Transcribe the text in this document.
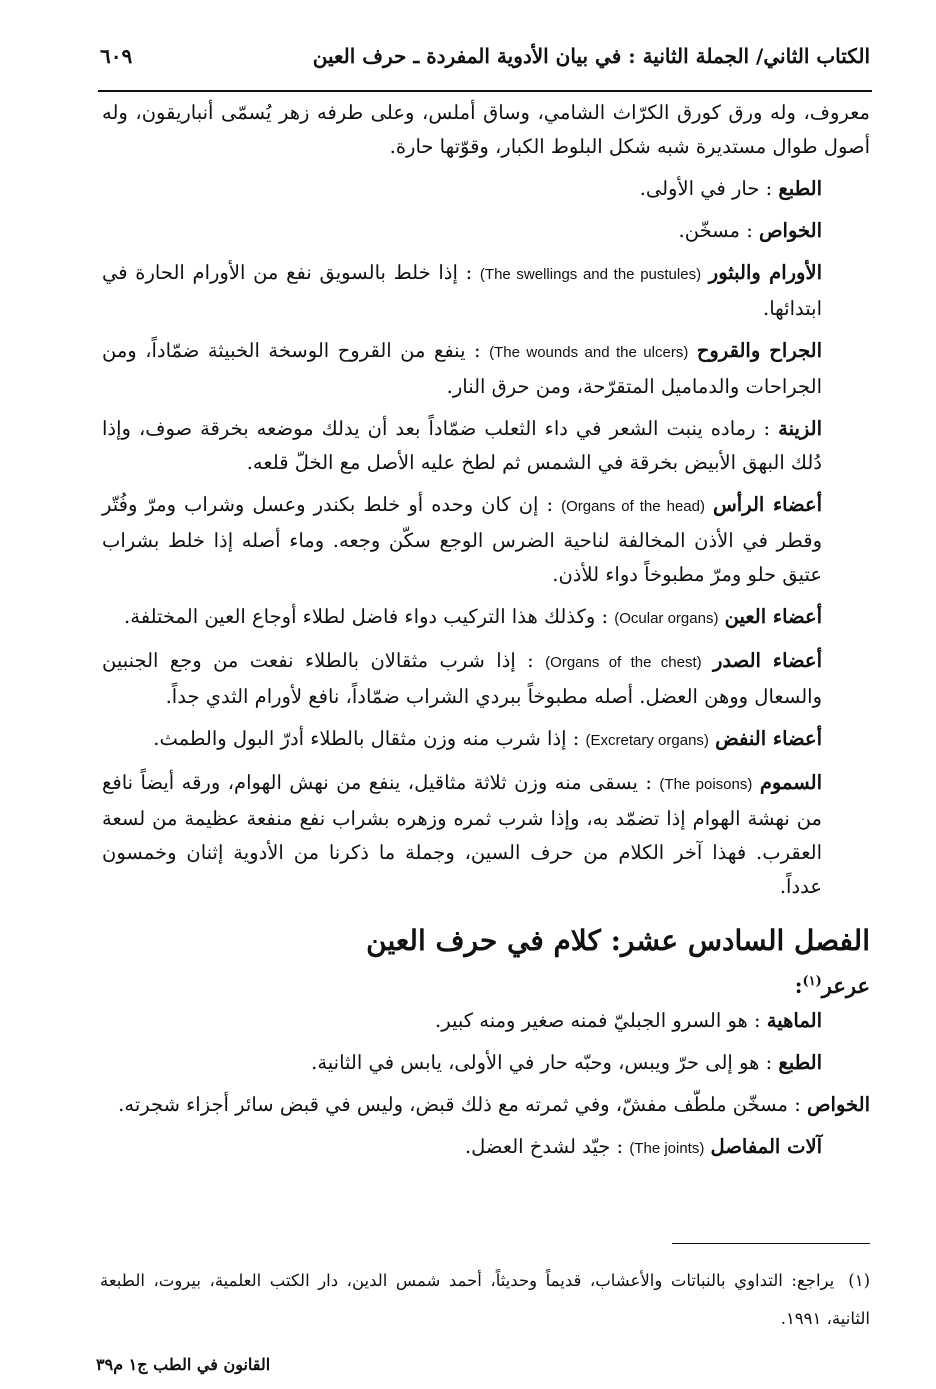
الكتاب الثاني/ الجملة الثانية : في بيان الأدوية المفردة ـ حرف العين
٦٠٩
معروف، وله ورق كورق الكرّاث الشامي، وساق أملس، وعلى طرفه زهر يُسمّى أنباريقون، وله أصول طوال مستديرة شبه شكل البلوط الكبار، وقوّتها حارة.
الطبع : حار في الأولى.
الخواص : مسخّن.
الأورام والبثور (The swellings and the pustules) : إذا خلط بالسويق نفع من الأورام الحارة في ابتدائها.
الجراح والقروح (The wounds and the ulcers) : ينفع من القروح الوسخة الخبيثة ضمّاداً، ومن الجراحات والدماميل المتقرّحة، ومن حرق النار.
الزينة : رماده ينبت الشعر في داء الثعلب ضمّاداً بعد أن يدلك موضعه بخرقة صوف، وإذا دُلك البهق الأبيض بخرقة في الشمس ثم لطخ عليه الأصل مع الخلّ قلعه.
أعضاء الرأس (Organs of the head) : إن كان وحده أو خلط بكندر وعسل وشراب ومرّ وفُتّر وقطر في الأذن المخالفة لناحية الضرس الوجع سكّن وجعه. وماء أصله إذا خلط بشراب عتيق حلو ومرّ مطبوخاً دواء للأذن.
أعضاء العين (Ocular organs) : وكذلك هذا التركيب دواء فاضل لطلاء أوجاع العين المختلفة.
أعضاء الصدر (Organs of the chest) : إذا شرب مثقالان بالطلاء نفعت من وجع الجنبين والسعال ووهن العضل. أصله مطبوخاً ببردي الشراب ضمّاداً، نافع لأورام الثدي جداً.
أعضاء النفض (Excretary organs) : إذا شرب منه وزن مثقال بالطلاء أدرّ البول والطمث.
السموم (The poisons) : يسقى منه وزن ثلاثة مثاقيل، ينفع من نهش الهوام، ورقه أيضاً نافع من نهشة الهوام إذا تضمّد به، وإذا شرب ثمره وزهره بشراب نفع منفعة عظيمة من لسعة العقرب. فهذا آخر الكلام من حرف السين، وجملة ما ذكرنا من الأدوية إثنان وخمسون عدداً.
الفصل السادس عشر: كلام في حرف العين
عرعر$^{(١)}$:
الماهية : هو السرو الجبليّ فمنه صغير ومنه كبير.
الطبع : هو إلى حرّ ويبس، وحبّه حار في الأولى، يابس في الثانية.
الخواص : مسخّن ملطّف مفشّ، وفي ثمرته مع ذلك قبض، وليس في قبض سائر أجزاء شجرته.
آلات المفاصل (The joints) : جيّد لشدخ العضل.
(١)يراجع: التداوي بالنباتات والأعشاب، قديماً وحديثاً، أحمد شمس الدين، دار الكتب العلمية، بيروت، الطبعة الثانية، ١٩٩١.
القانون في الطب ج١ م٣٩
